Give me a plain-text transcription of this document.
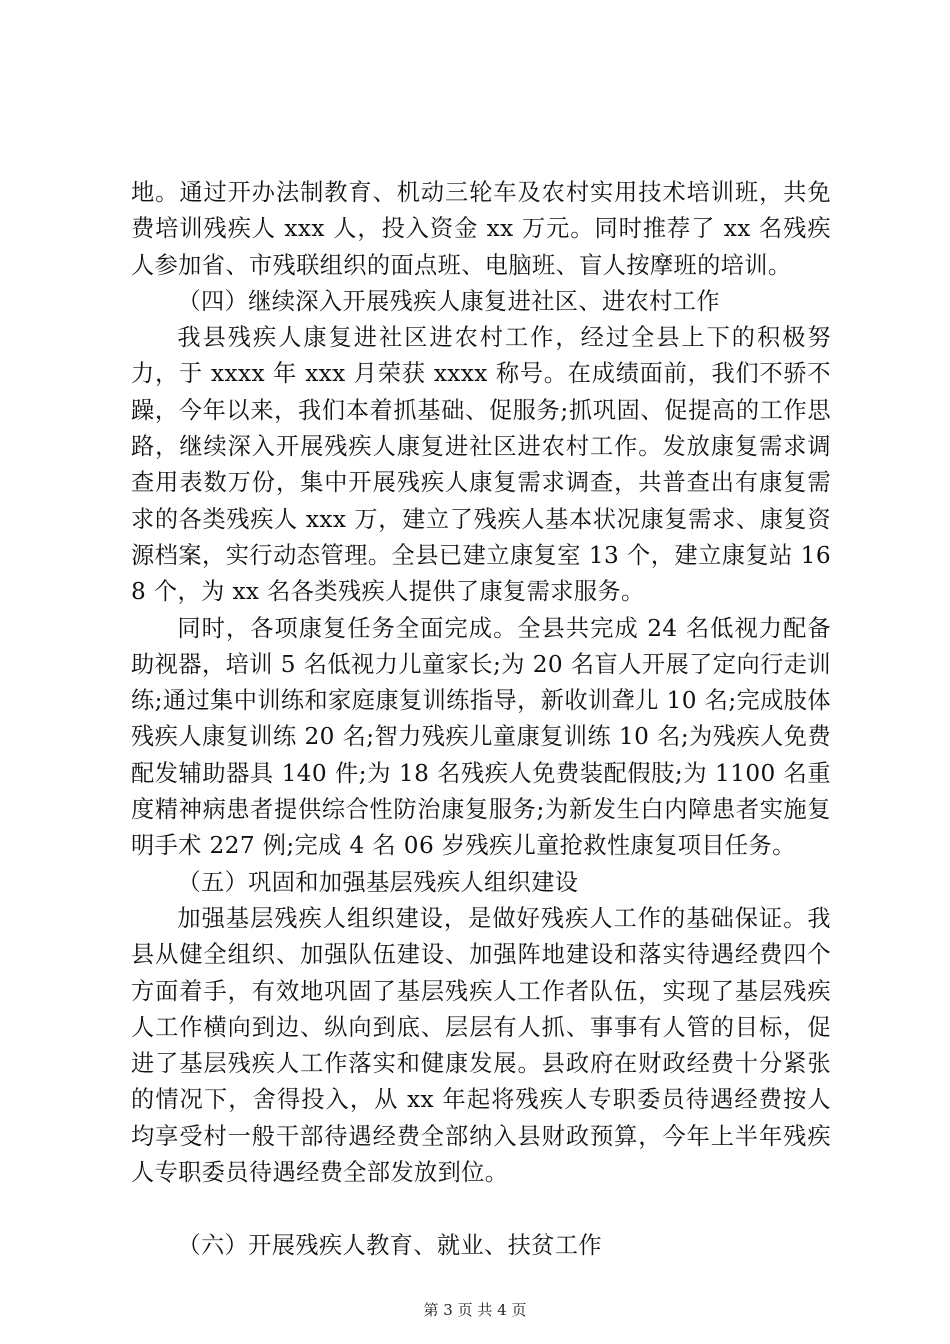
地。通过开办法制教育、机动三轮车及农村实用技术培训班，共免费培训残疾人 xxx 人，投入资金 xx 万元。同时推荐了 xx 名残疾人参加省、市残联组织的面点班、电脑班、盲人按摩班的培训。

（四）继续深入开展残疾人康复进社区、进农村工作

我县残疾人康复进社区进农村工作，经过全县上下的积极努力，于 xxxx 年 xxx 月荣获 xxxx 称号。在成绩面前，我们不骄不躁，今年以来，我们本着抓基础、促服务;抓巩固、促提高的工作思路，继续深入开展残疾人康复进社区进农村工作。发放康复需求调查用表数万份，集中开展残疾人康复需求调查，共普查出有康复需求的各类残疾人 xxx 万，建立了残疾人基本状况康复需求、康复资源档案，实行动态管理。全县已建立康复室 13 个，建立康复站 168 个，为 xx 名各类残疾人提供了康复需求服务。

同时，各项康复任务全面完成。全县共完成 24 名低视力配备助视器，培训 5 名低视力儿童家长;为 20 名盲人开展了定向行走训练;通过集中训练和家庭康复训练指导，新收训聋儿 10 名;完成肢体残疾人康复训练 20 名;智力残疾儿童康复训练 10 名;为残疾人免费配发辅助器具 140 件;为 18 名残疾人免费装配假肢;为 1100 名重度精神病患者提供综合性防治康复服务;为新发生白内障患者实施复明手术 227 例;完成 4 名 06 岁残疾儿童抢救性康复项目任务。

（五）巩固和加强基层残疾人组织建设

加强基层残疾人组织建设，是做好残疾人工作的基础保证。我县从健全组织、加强队伍建设、加强阵地建设和落实待遇经费四个方面着手，有效地巩固了基层残疾人工作者队伍，实现了基层残疾人工作横向到边、纵向到底、层层有人抓、事事有人管的目标，促进了基层残疾人工作落实和健康发展。县政府在财政经费十分紧张的情况下，舍得投入，从 xx 年起将残疾人专职委员待遇经费按人均享受村一般干部待遇经费全部纳入县财政预算，今年上半年残疾人专职委员待遇经费全部发放到位。

（六）开展残疾人教育、就业、扶贫工作

第 3 页 共 4 页
